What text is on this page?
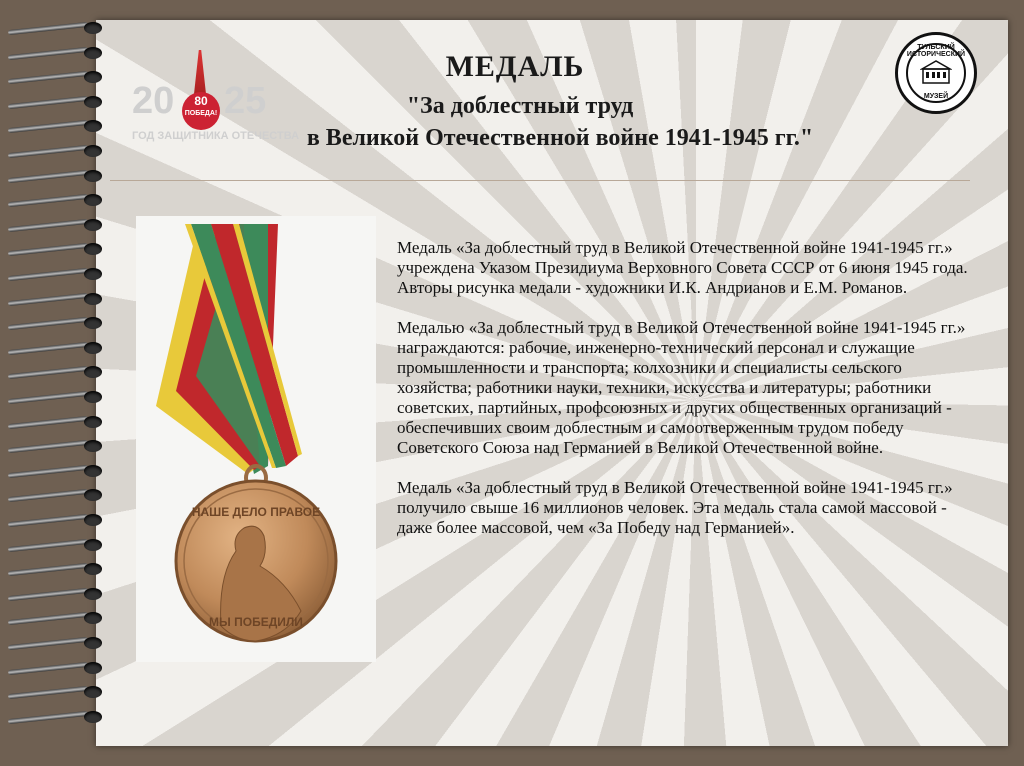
20	80
ПОБЕДА! 25
ГОД ЗАЩИТНИКА ОТЕЧЕСТВА
МЕДАЛЬ
"За доблестный труд
в Великой Отечественной войне 1941-1945 гг."
ТУЛЬСКИЙ ИСТОРИЧЕСКИЙ
МУЗЕЙ
НАШЕ ДЕЛО ПРАВОЕ
МЫ ПОБЕДИЛИ

Медаль «За доблестный труд в Великой Отечественной войне 1941-1945 гг.» учреждена Указом Президиума Верховного Совета СССР от 6 июня 1945 года. Авторы рисунка медали - художники И.К. Андрианов и Е.М. Романов.

Медалью «За доблестный труд в Великой Отечественной войне 1941-1945 гг.» награждаются: рабочие, инженерно-технический персонал и служащие промышленности и транспорта; колхозники и специалисты сельского хозяйства; работники науки, техники, искусства и литературы; работники советских, партийных, профсоюзных и других общественных организаций - обеспечивших своим доблестным и самоотверженным трудом победу Советского Союза над Германией в Великой Отечественной войне.

Медаль «За доблестный труд в Великой Отечественной войне 1941-1945 гг.» получило свыше 16 миллионов человек. Эта медаль стала самой массовой - даже более массовой, чем «За Победу над Германией».
